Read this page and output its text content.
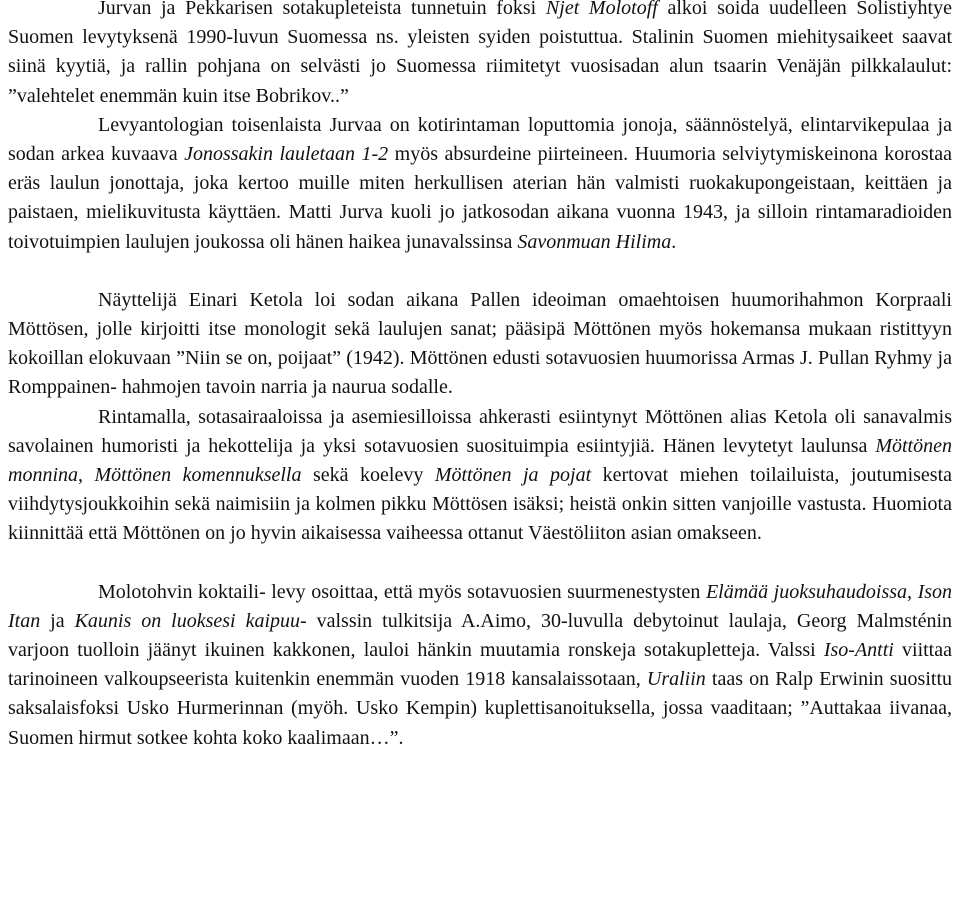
Jurvan ja Pekkarisen sotakupleteista tunnetuin foksi Njet Molotoff alkoi soida uudelleen Solistiyhtye Suomen levytyksenä 1990-luvun Suomessa ns. yleisten syiden poistuttua. Stalinin Suomen miehitysaikeet saavat siinä kyytiä, ja rallin pohjana on selvästi jo Suomessa riimitetyt vuosisadan alun tsaarin Venäjän pilkkalaulut: ”valehtelet enemmän kuin itse Bobrikov..”

Levyantologian toisenlaista Jurvaa on kotirintaman loputtomia jonoja, säännöstelyä, elintarvikepulaa ja sodan arkea kuvaava Jonossakin lauletaan 1-2 myös absurdeine piirteineen. Huumoria selviytymiskeinona korostaa eräs laulun jonottaja, joka kertoo muille miten herkullisen aterian hän valmisti ruokakupongeistaan, keittäen ja paistaen, mielikuvitusta käyttäen. Matti Jurva kuoli jo jatkosodan aikana vuonna 1943, ja silloin rintamaradioiden toivotuimpien laulujen joukossa oli hänen haikea junavalssinsa Savonmuan Hilima.

Näyttelijä Einari Ketola loi sodan aikana Pallen ideoiman omaehtoisen huumorihahmon Korpraali Möttösen, jolle kirjoitti itse monologit sekä laulujen sanat; pääsipä Möttönen myös hokemansa mukaan ristittyyn kokoillan elokuvaan ”Niin se on, poijaat” (1942). Möttönen edusti sotavuosien huumorissa Armas J. Pullan Ryhmy ja Romppainen- hahmojen tavoin narria ja naurua sodalle.

Rintamalla, sotasairaaloissa ja asemiesilloissa ahkerasti esiintynyt Möttönen alias Ketola oli sanavalmis savolainen humoristi ja hekottelija ja yksi sotavuosien suosituimpia esiintyjiä. Hänen levytetyt laulunsa Möttönen monnina, Möttönen komennuksella sekä koelevy Möttönen ja pojat kertovat miehen toilailuista, joutumisesta viihdytysjoukkoihin sekä naimisiin ja kolmen pikku Möttösen isäksi; heistä onkin sitten vanjoille vastusta. Huomiota kiinnittää että Möttönen on jo hyvin aikaisessa vaiheessa ottanut Väestöliiton asian omakseen.

Molotohvin koktaili- levy osoittaa, että myös sotavuosien suurmenestysten Elämää juoksuhaudoissa, Ison Itan ja Kaunis on luoksesi kaipuu- valssin tulkitsija A.Aimo, 30-luvulla debytoinut laulaja, Georg Malmsténin varjoon tuolloin jäänyt ikuinen kakkonen, lauloi hänkin muutamia ronskeja sotakupletteja. Valssi Iso-Antti viittaa tarinoineen valkoupseerista kuitenkin enemmän vuoden 1918 kansalaissotaan, Uraliin taas on Ralp Erwinin suosittu saksalaisfoksi Usko Hurmerinnan (myöh. Usko Kempin) kuplettisanoituksella, jossa vaaditaan; ”Auttakaa iivanaa, Suomen hirmut sotkee kohta koko kaalimaan…”.
